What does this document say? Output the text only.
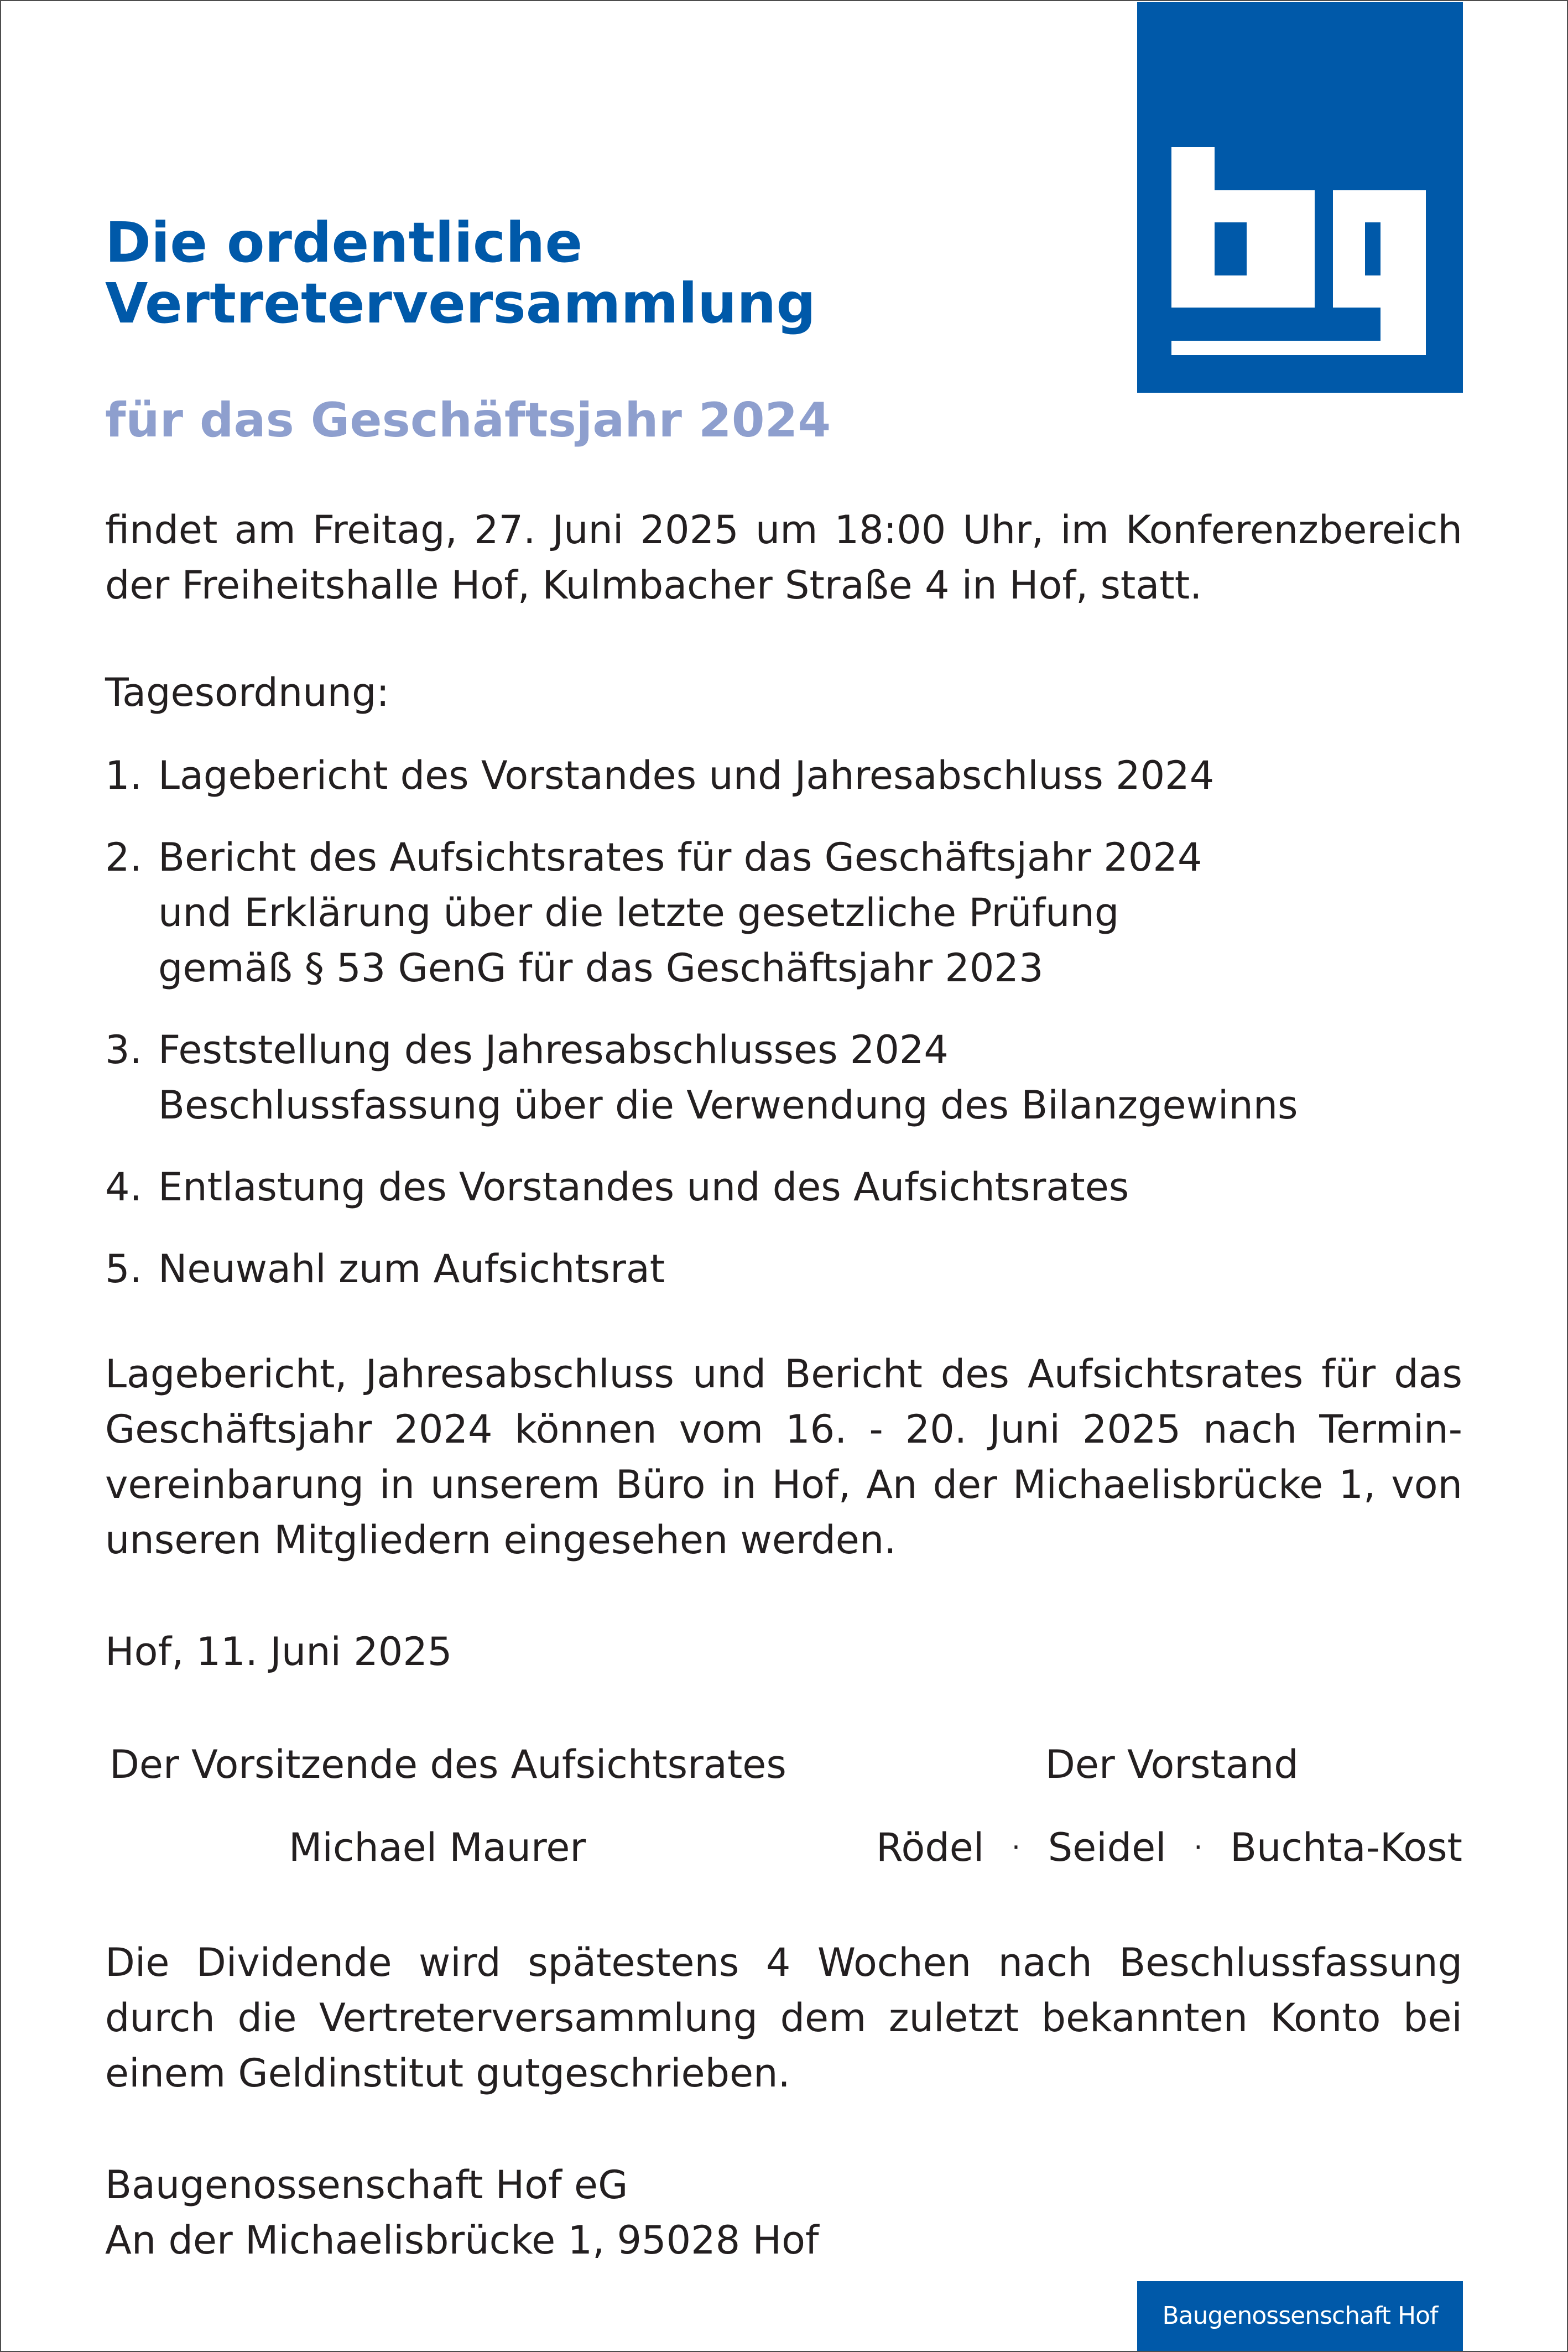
Die ordentliche
Vertreterversammlung
für das Geschäftsjahr 2024

findet am Freitag, 27. Juni 2025 um 18:00 Uhr, im Konferenzbereich der Freiheitshalle Hof, Kulmbacher Straße 4 in Hof, statt.

Tagesordnung:
1. Lagebericht des Vorstandes und Jahresabschluss 2024
2. Bericht des Aufsichtsrates für das Geschäftsjahr 2024
und Erklärung über die letzte gesetzliche Prüfung
gemäß § 53 GenG für das Geschäftsjahr 2023
3. Feststellung des Jahresabschlusses 2024
Beschlussfassung über die Verwendung des Bilanzgewinns
4. Entlastung des Vorstandes und des Aufsichtsrates
5. Neuwahl zum Aufsichtsrat

Lagebericht, Jahresabschluss und Bericht des Aufsichtsrates für das Geschäftsjahr 2024 können vom 16. - 20. Juni 2025 nach Terminvereinbarung in unserem Büro in Hof, An der Michaelisbrücke 1, von unseren Mitgliedern eingesehen werden.

Hof, 11. Juni 2025
Der Vorsitzende des Aufsichtsrates	Der Vorstand
Michael Maurer	Rödel · Seidel · Buchta-Kost

Die Dividende wird spätestens 4 Wochen nach Beschlussfassung durch die Vertreterversammlung dem zuletzt bekannten Konto bei einem Geldinstitut gutgeschrieben.

Baugenossenschaft Hof eG
An der Michaelisbrücke 1, 95028 Hof
Baugenossenschaft Hof
